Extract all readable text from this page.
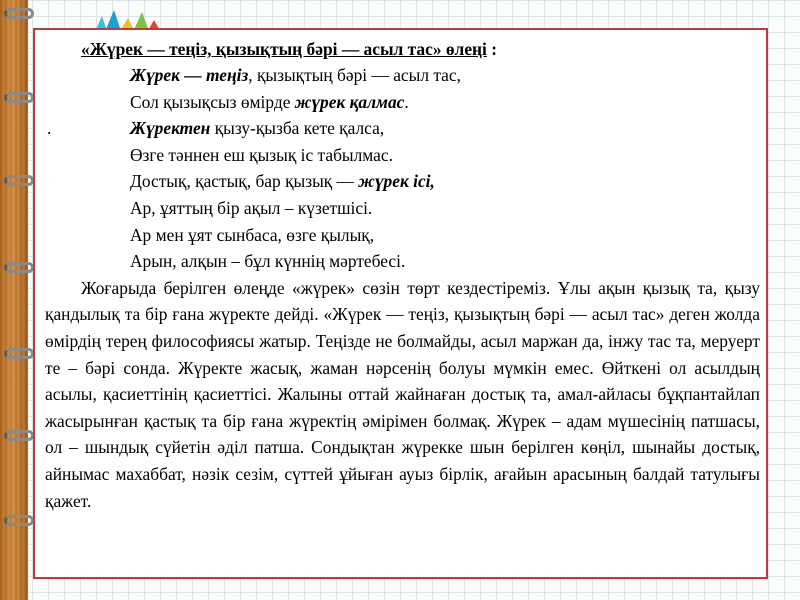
«Жүрек — теңіз, қызықтың бәрі — асыл тас» өлеңі :

Жүрек — теңіз, қызықтың бәрі — асыл тас,

Сол қызықсыз өмірде жүрек қалмас.

.	Жүректен қызу-қызба кете қалса,

Өзге тәннен еш қызық іс табылмас.

Достық, қастық, бар қызық — жүрек ісі,

Ар, ұяттың бір ақыл – күзетшісі.

Ар мен ұят сынбаса, өзге қылық,

Арын, алқын – бұл күннің мәртебесі.

Жоғарыда берілген өлеңде «жүрек» сөзін төрт кездестіреміз. Ұлы ақын қызық та, қызу қандылық та бір ғана жүректе дейді. «Жүрек — теңіз, қызықтың бәрі — асыл тас» деген жолда өмірдің терең философиясы жатыр. Теңізде не болмайды, асыл маржан да, інжу тас та, меруерт те – бәрі сонда. Жүректе жасық, жаман нәрсенің болуы мүмкін емес. Өйткені ол асылдың асылы, қасиеттінің қасиеттісі. Жалыны оттай жайнаған достық та, амал-айласы бұқпантайлап жасырынған қастық та бір ғана жүректің әмірімен болмақ. Жүрек – адам мүшесінің патшасы, ол – шындық сүйетін әділ патша. Сондықтан жүрекке шын берілген көңіл, шынайы достық, айнымас махаббат, нәзік сезім, сүттей ұйыған ауыз бірлік, ағайын арасының балдай татулығы қажет.
